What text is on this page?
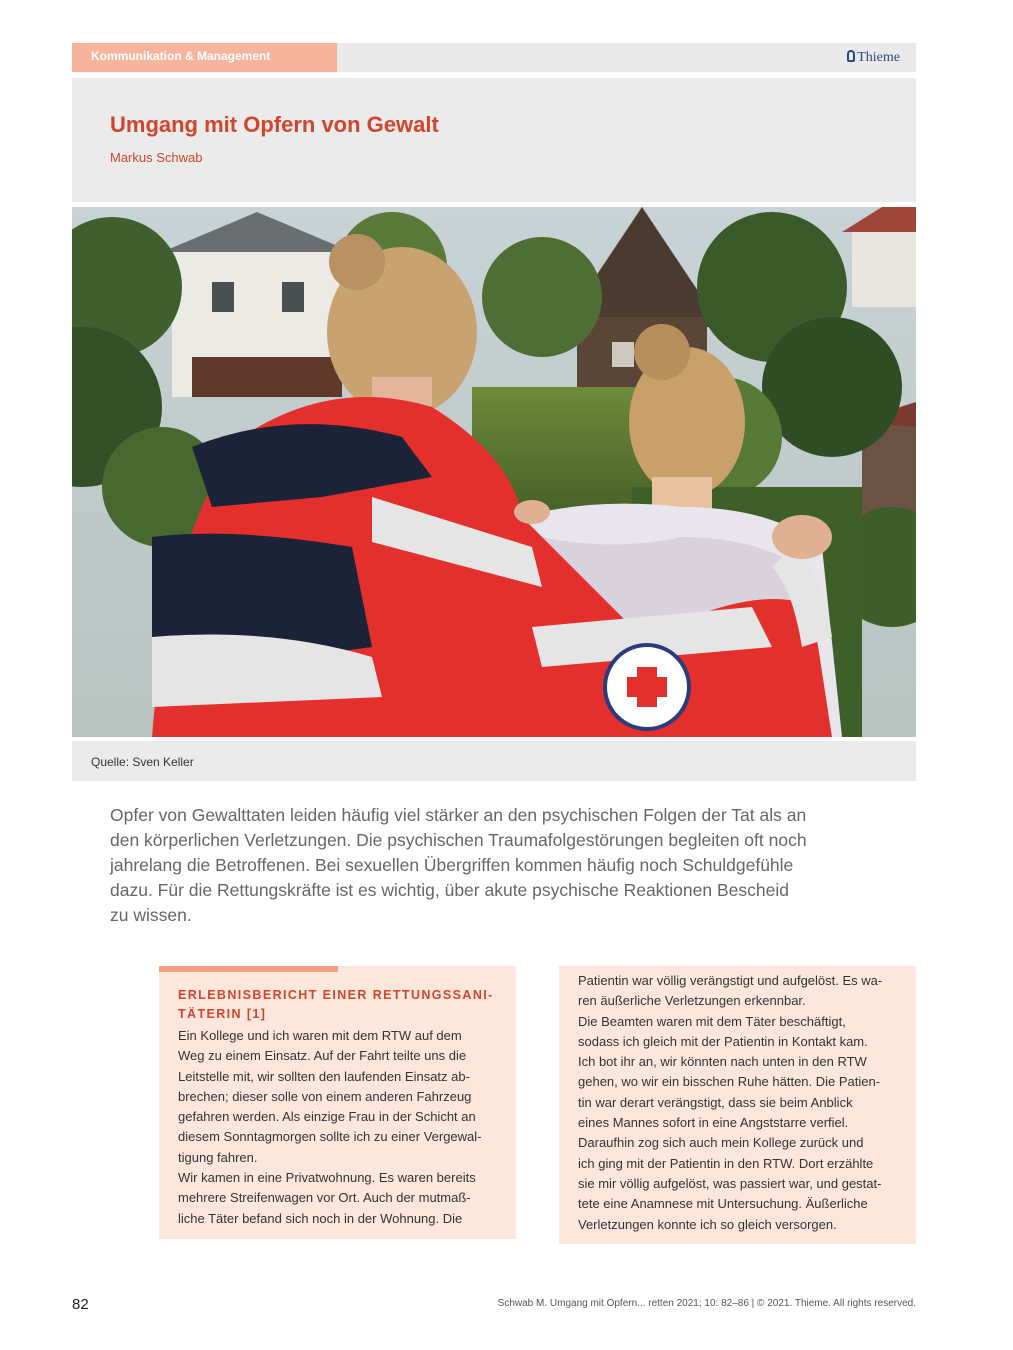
Kommunikation & Management	Thieme
Umgang mit Opfern von Gewalt
Markus Schwab
Quelle: Sven Keller
Opfer von Gewalttaten leiden häufig viel stärker an den psychischen Folgen der Tat als an
den körperlichen Verletzungen. Die psychischen Traumafolgestörungen begleiten oft noch
jahrelang die Betroffenen. Bei sexuellen Übergriffen kommen häufig noch Schuldgefühle
dazu. Für die Rettungskräfte ist es wichtig, über akute psychische Reaktionen Bescheid
zu wissen.
ERLEBNISBERICHT EINER RETTUNGSSANI-
TÄTERIN [1]
Ein Kollege und ich waren mit dem RTW auf dem
Weg zu einem Einsatz. Auf der Fahrt teilte uns die
Leitstelle mit, wir sollten den laufenden Einsatz ab-
brechen; dieser solle von einem anderen Fahrzeug
gefahren werden. Als einzige Frau in der Schicht an
diesem Sonntagmorgen sollte ich zu einer Vergewal-
tigung fahren.
Wir kamen in eine Privatwohnung. Es waren bereits
mehrere Streifenwagen vor Ort. Auch der mutmaß-
liche Täter befand sich noch in der Wohnung. Die
Patientin war völlig verängstigt und aufgelöst. Es wa-
ren äußerliche Verletzungen erkennbar.
Die Beamten waren mit dem Täter beschäftigt,
sodass ich gleich mit der Patientin in Kontakt kam.
Ich bot ihr an, wir könnten nach unten in den RTW
gehen, wo wir ein bisschen Ruhe hätten. Die Patien-
tin war derart verängstigt, dass sie beim Anblick
eines Mannes sofort in eine Angststarre verfiel.
Daraufhin zog sich auch mein Kollege zurück und
ich ging mit der Patientin in den RTW. Dort erzählte
sie mir völlig aufgelöst, was passiert war, und gestat-
tete eine Anamnese mit Untersuchung. Äußerliche
Verletzungen konnte ich so gleich versorgen.
82	Schwab M. Umgang mit Opfern... retten 2021; 10: 82–86 | © 2021. Thieme. All rights reserved.
